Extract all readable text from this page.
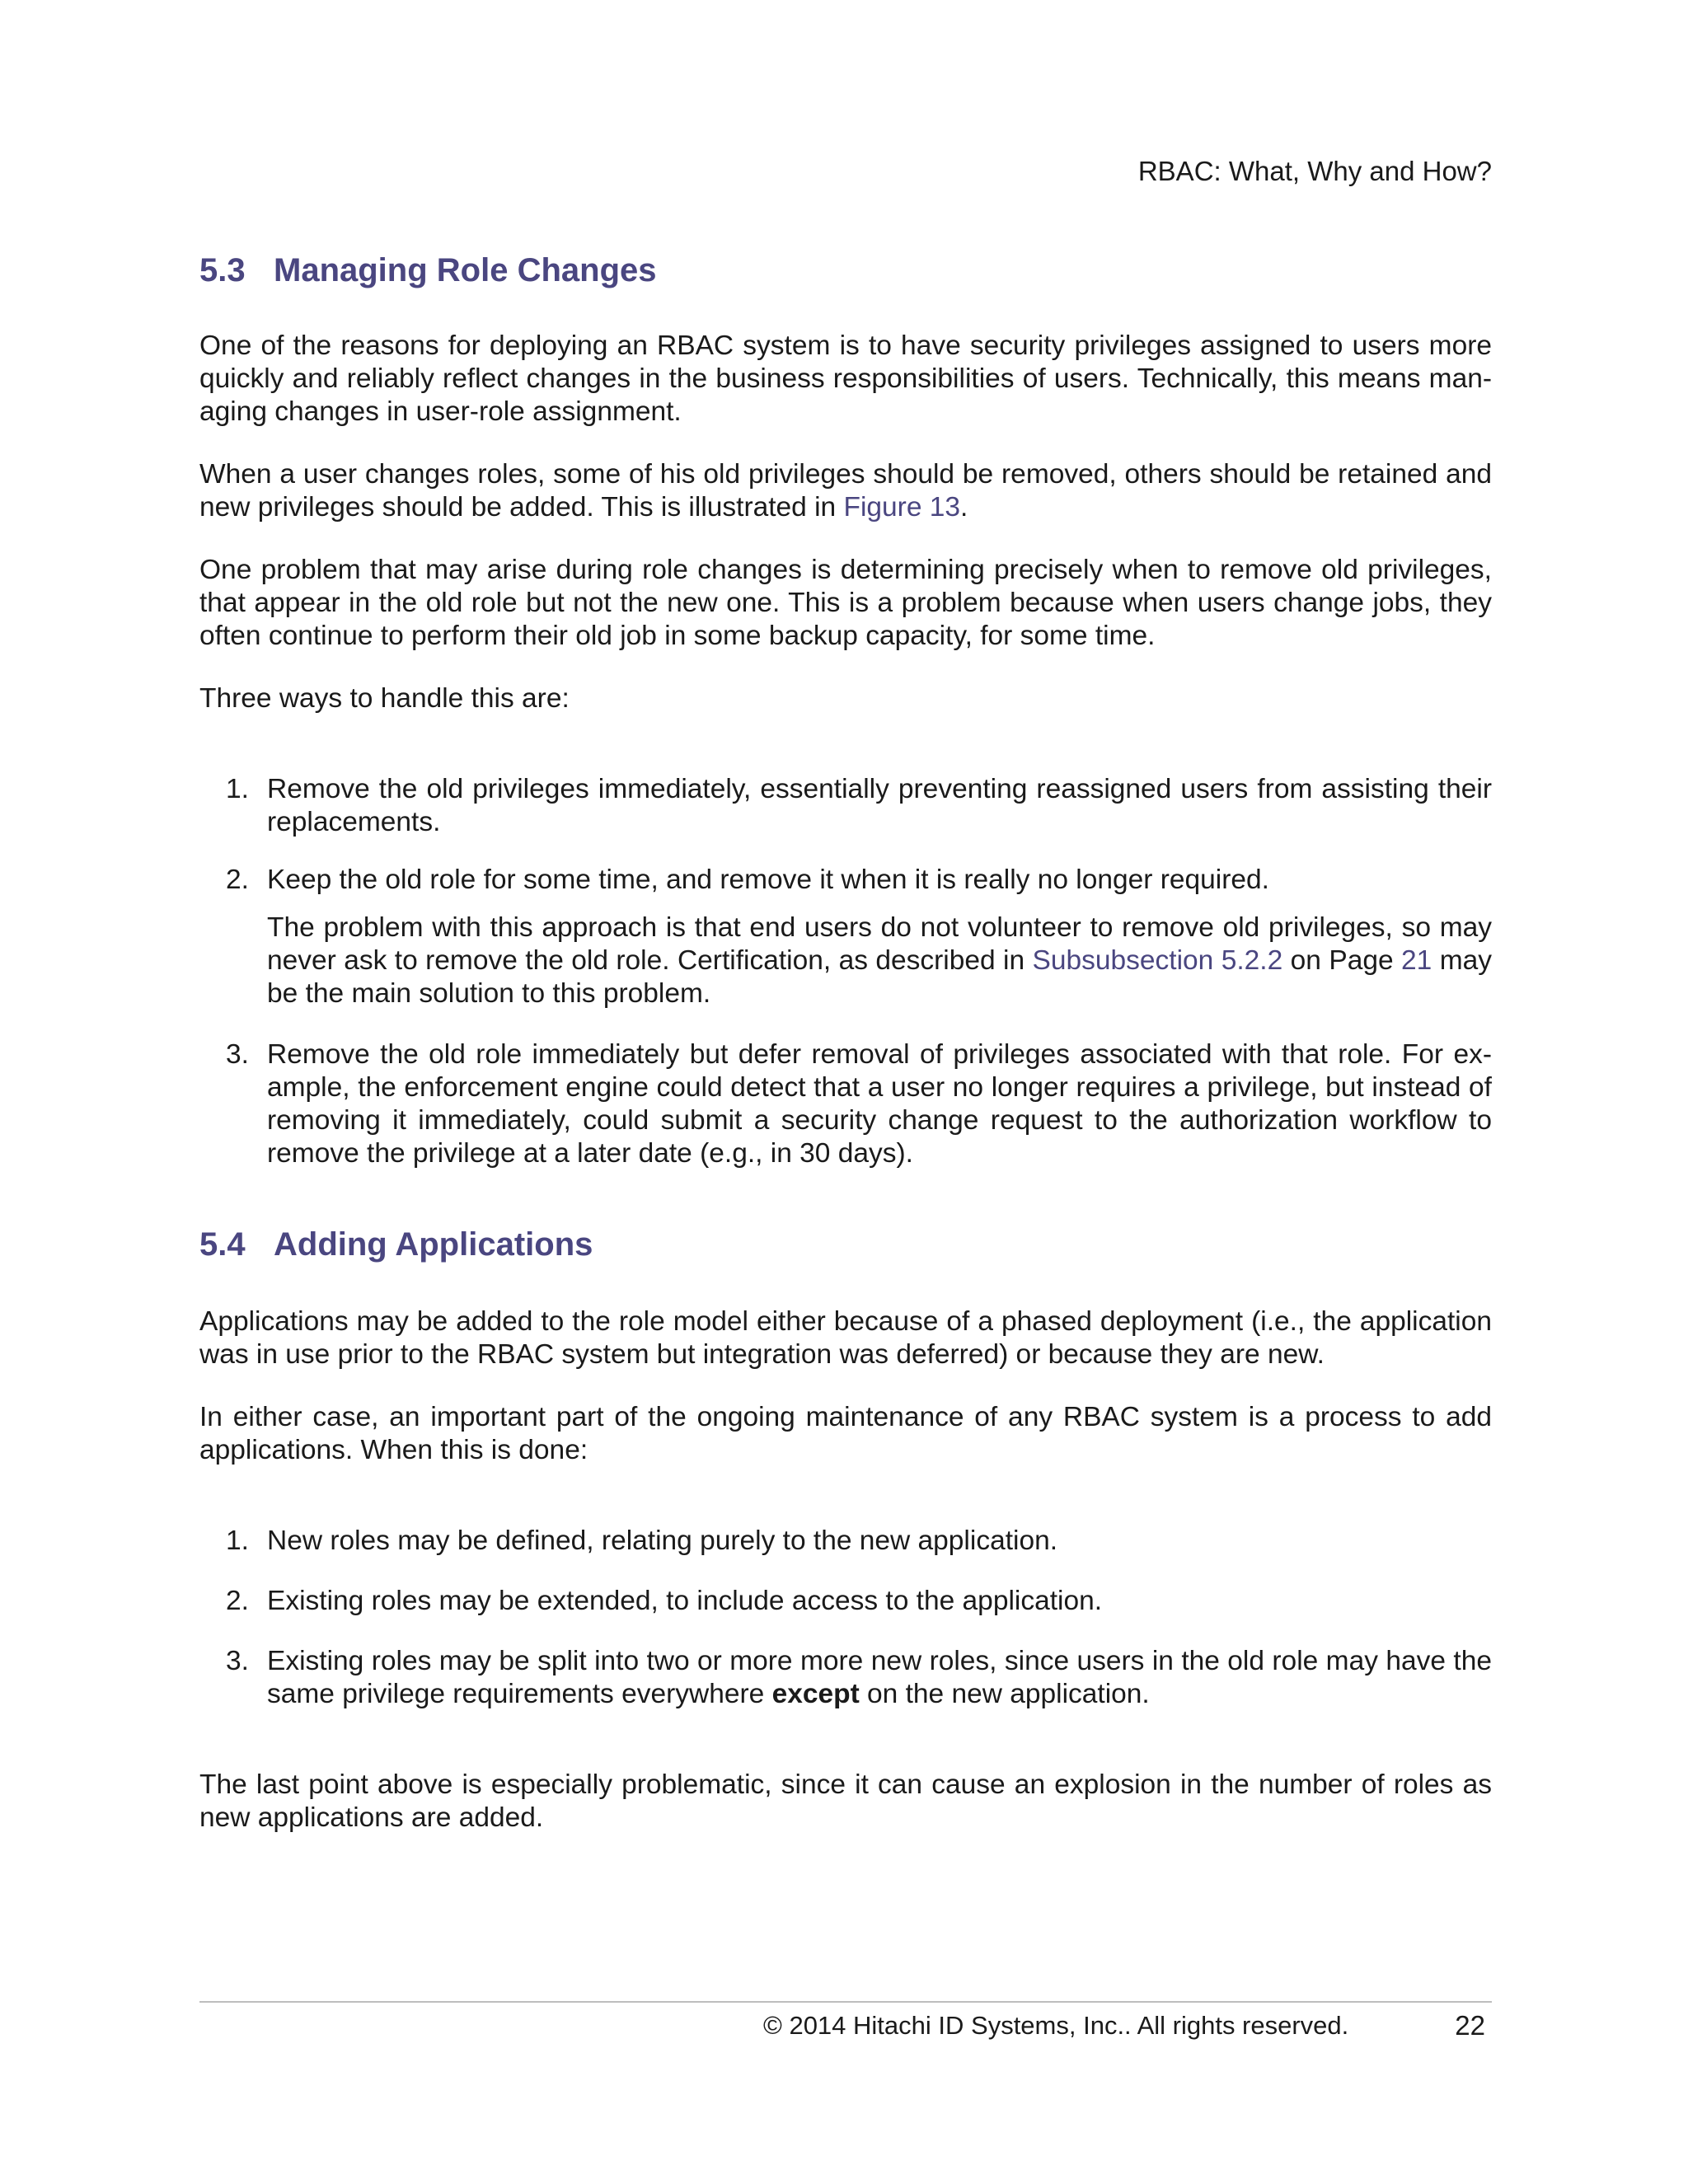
RBAC: What, Why and How?
5.3 Managing Role Changes

One of the reasons for deploying an RBAC system is to have security privileges assigned to users more quickly and reliably reflect changes in the business responsibilities of users. Technically, this means managing changes in user-role assignment.

When a user changes roles, some of his old privileges should be removed, others should be retained and new privileges should be added. This is illustrated in Figure 13.

One problem that may arise during role changes is determining precisely when to remove old privileges, that appear in the old role but not the new one. This is a problem because when users change jobs, they often continue to perform their old job in some backup capacity, for some time.

Three ways to handle this are:

1. Remove the old privileges immediately, essentially preventing reassigned users from assisting their replacements.
2. Keep the old role for some time, and remove it when it is really no longer required.

The problem with this approach is that end users do not volunteer to remove old privileges, so may never ask to remove the old role. Certification, as described in Subsubsection 5.2.2 on Page 21 may be the main solution to this problem.

3. Remove the old role immediately but defer removal of privileges associated with that role. For example, the enforcement engine could detect that a user no longer requires a privilege, but instead of removing it immediately, could submit a security change request to the authorization workflow to remove the privilege at a later date (e.g., in 30 days).
5.4 Adding Applications

Applications may be added to the role model either because of a phased deployment (i.e., the application was in use prior to the RBAC system but integration was deferred) or because they are new.

In either case, an important part of the ongoing maintenance of any RBAC system is a process to add applications. When this is done:

1. New roles may be defined, relating purely to the new application.
2. Existing roles may be extended, to include access to the application.
3. Existing roles may be split into two or more more new roles, since users in the old role may have the same privilege requirements everywhere except on the new application.

The last point above is especially problematic, since it can cause an explosion in the number of roles as new applications are added.

© 2014 Hitachi ID Systems, Inc.. All rights reserved.	22
